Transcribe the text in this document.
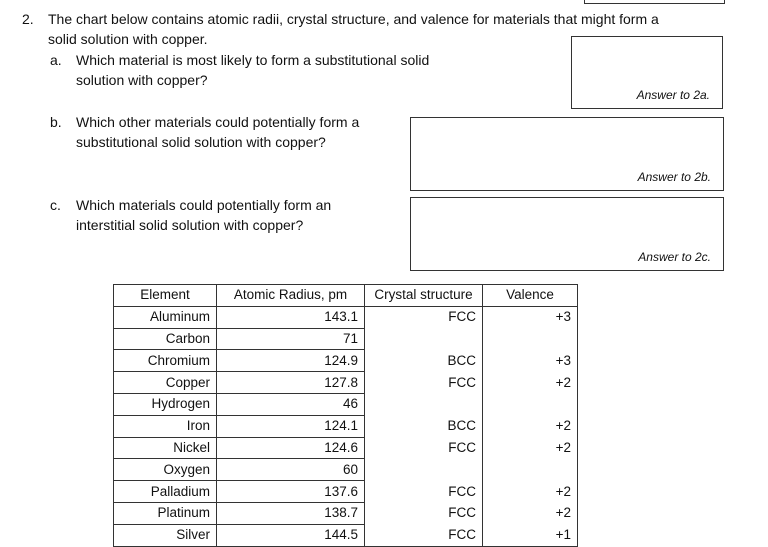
2. The chart below contains atomic radii, crystal structure, and valence for materials that might form a
solid solution with copper.
a. Which material is most likely to form a substitutional solid
solution with copper?
Answer to 2a.
b. Which other materials could potentially form a
substitutional solid solution with copper?
Answer to 2b.
c. Which materials could potentially form an
interstitial solid solution with copper?
Answer to 2c.
Element	Atomic Radius, pm	Crystal structure	Valence
Aluminum	143.1	FCC	+3
Carbon	71		
Chromium	124.9	BCC	+3
Copper	127.8	FCC	+2
Hydrogen	46		
Iron	124.1	BCC	+2
Nickel	124.6	FCC	+2
Oxygen	60		
Palladium	137.6	FCC	+2
Platinum	138.7	FCC	+2
Silver	144.5	FCC	+1
